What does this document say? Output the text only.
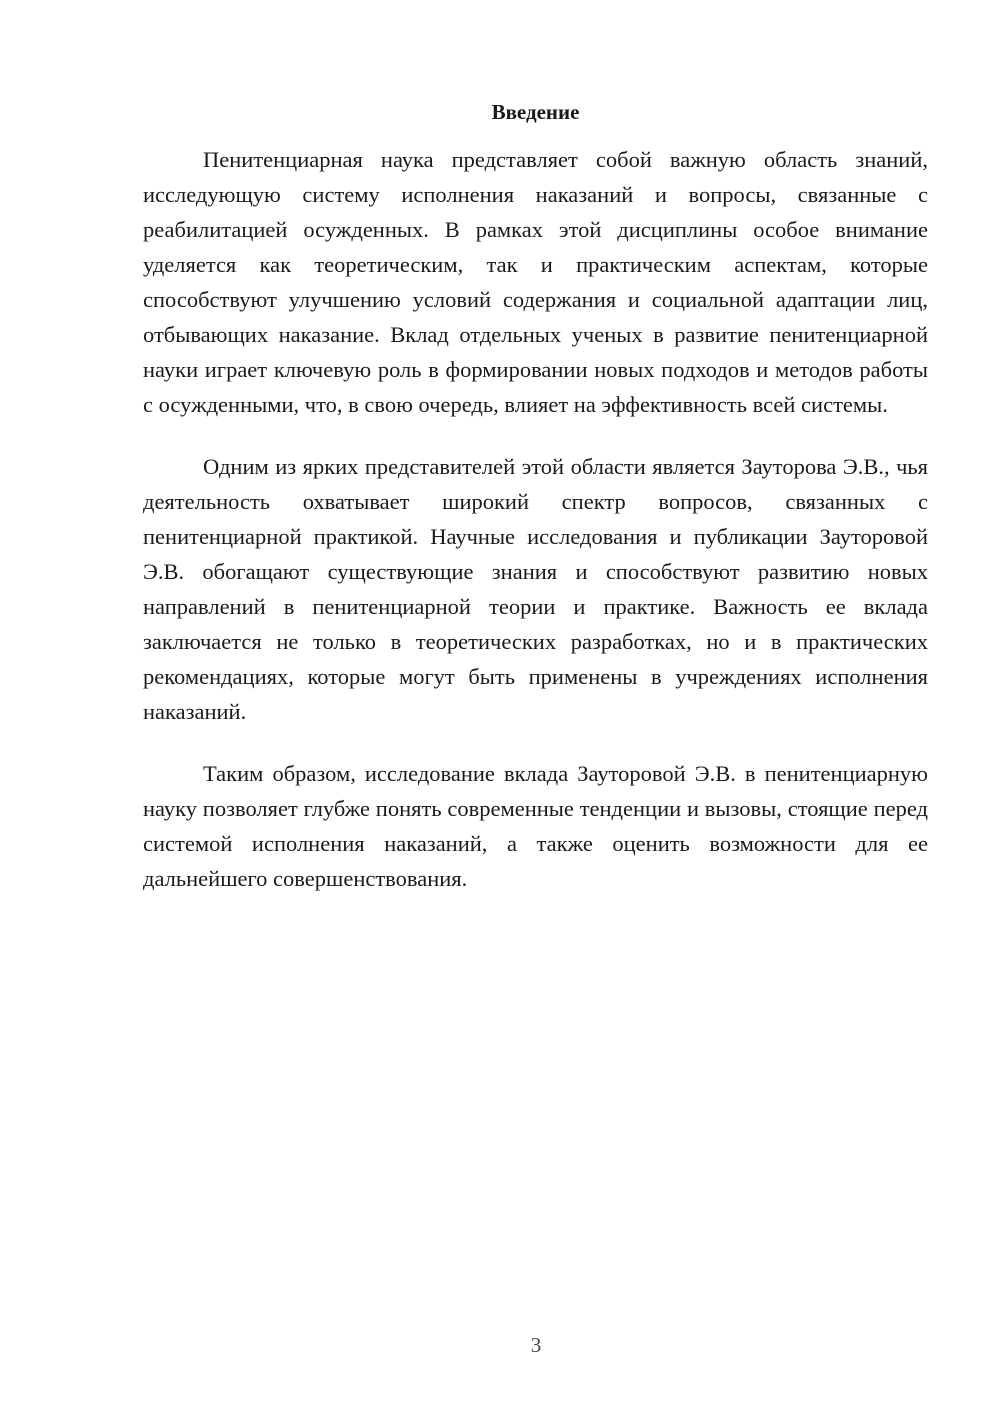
Введение

Пенитенциарная наука представляет собой важную область знаний, исследующую систему исполнения наказаний и вопросы, связанные с реабилитацией осужденных. В рамках этой дисциплины особое внимание уделяется как теоретическим, так и практическим аспектам, которые способствуют улучшению условий содержания и социальной адаптации лиц, отбывающих наказание. Вклад отдельных ученых в развитие пенитенциарной науки играет ключевую роль в формировании новых подходов и методов работы с осужденными, что, в свою очередь, влияет на эффективность всей системы.

Одним из ярких представителей этой области является Зауторова Э.В., чья деятельность охватывает широкий спектр вопросов, связанных с пенитенциарной практикой. Научные исследования и публикации Зауторовой Э.В. обогащают существующие знания и способствуют развитию новых направлений в пенитенциарной теории и практике. Важность ее вклада заключается не только в теоретических разработках, но и в практических рекомендациях, которые могут быть применены в учреждениях исполнения наказаний.

Таким образом, исследование вклада Зауторовой Э.В. в пенитенциарную науку позволяет глубже понять современные тенденции и вызовы, стоящие перед системой исполнения наказаний, а также оценить возможности для ее дальнейшего совершенствования.

3
